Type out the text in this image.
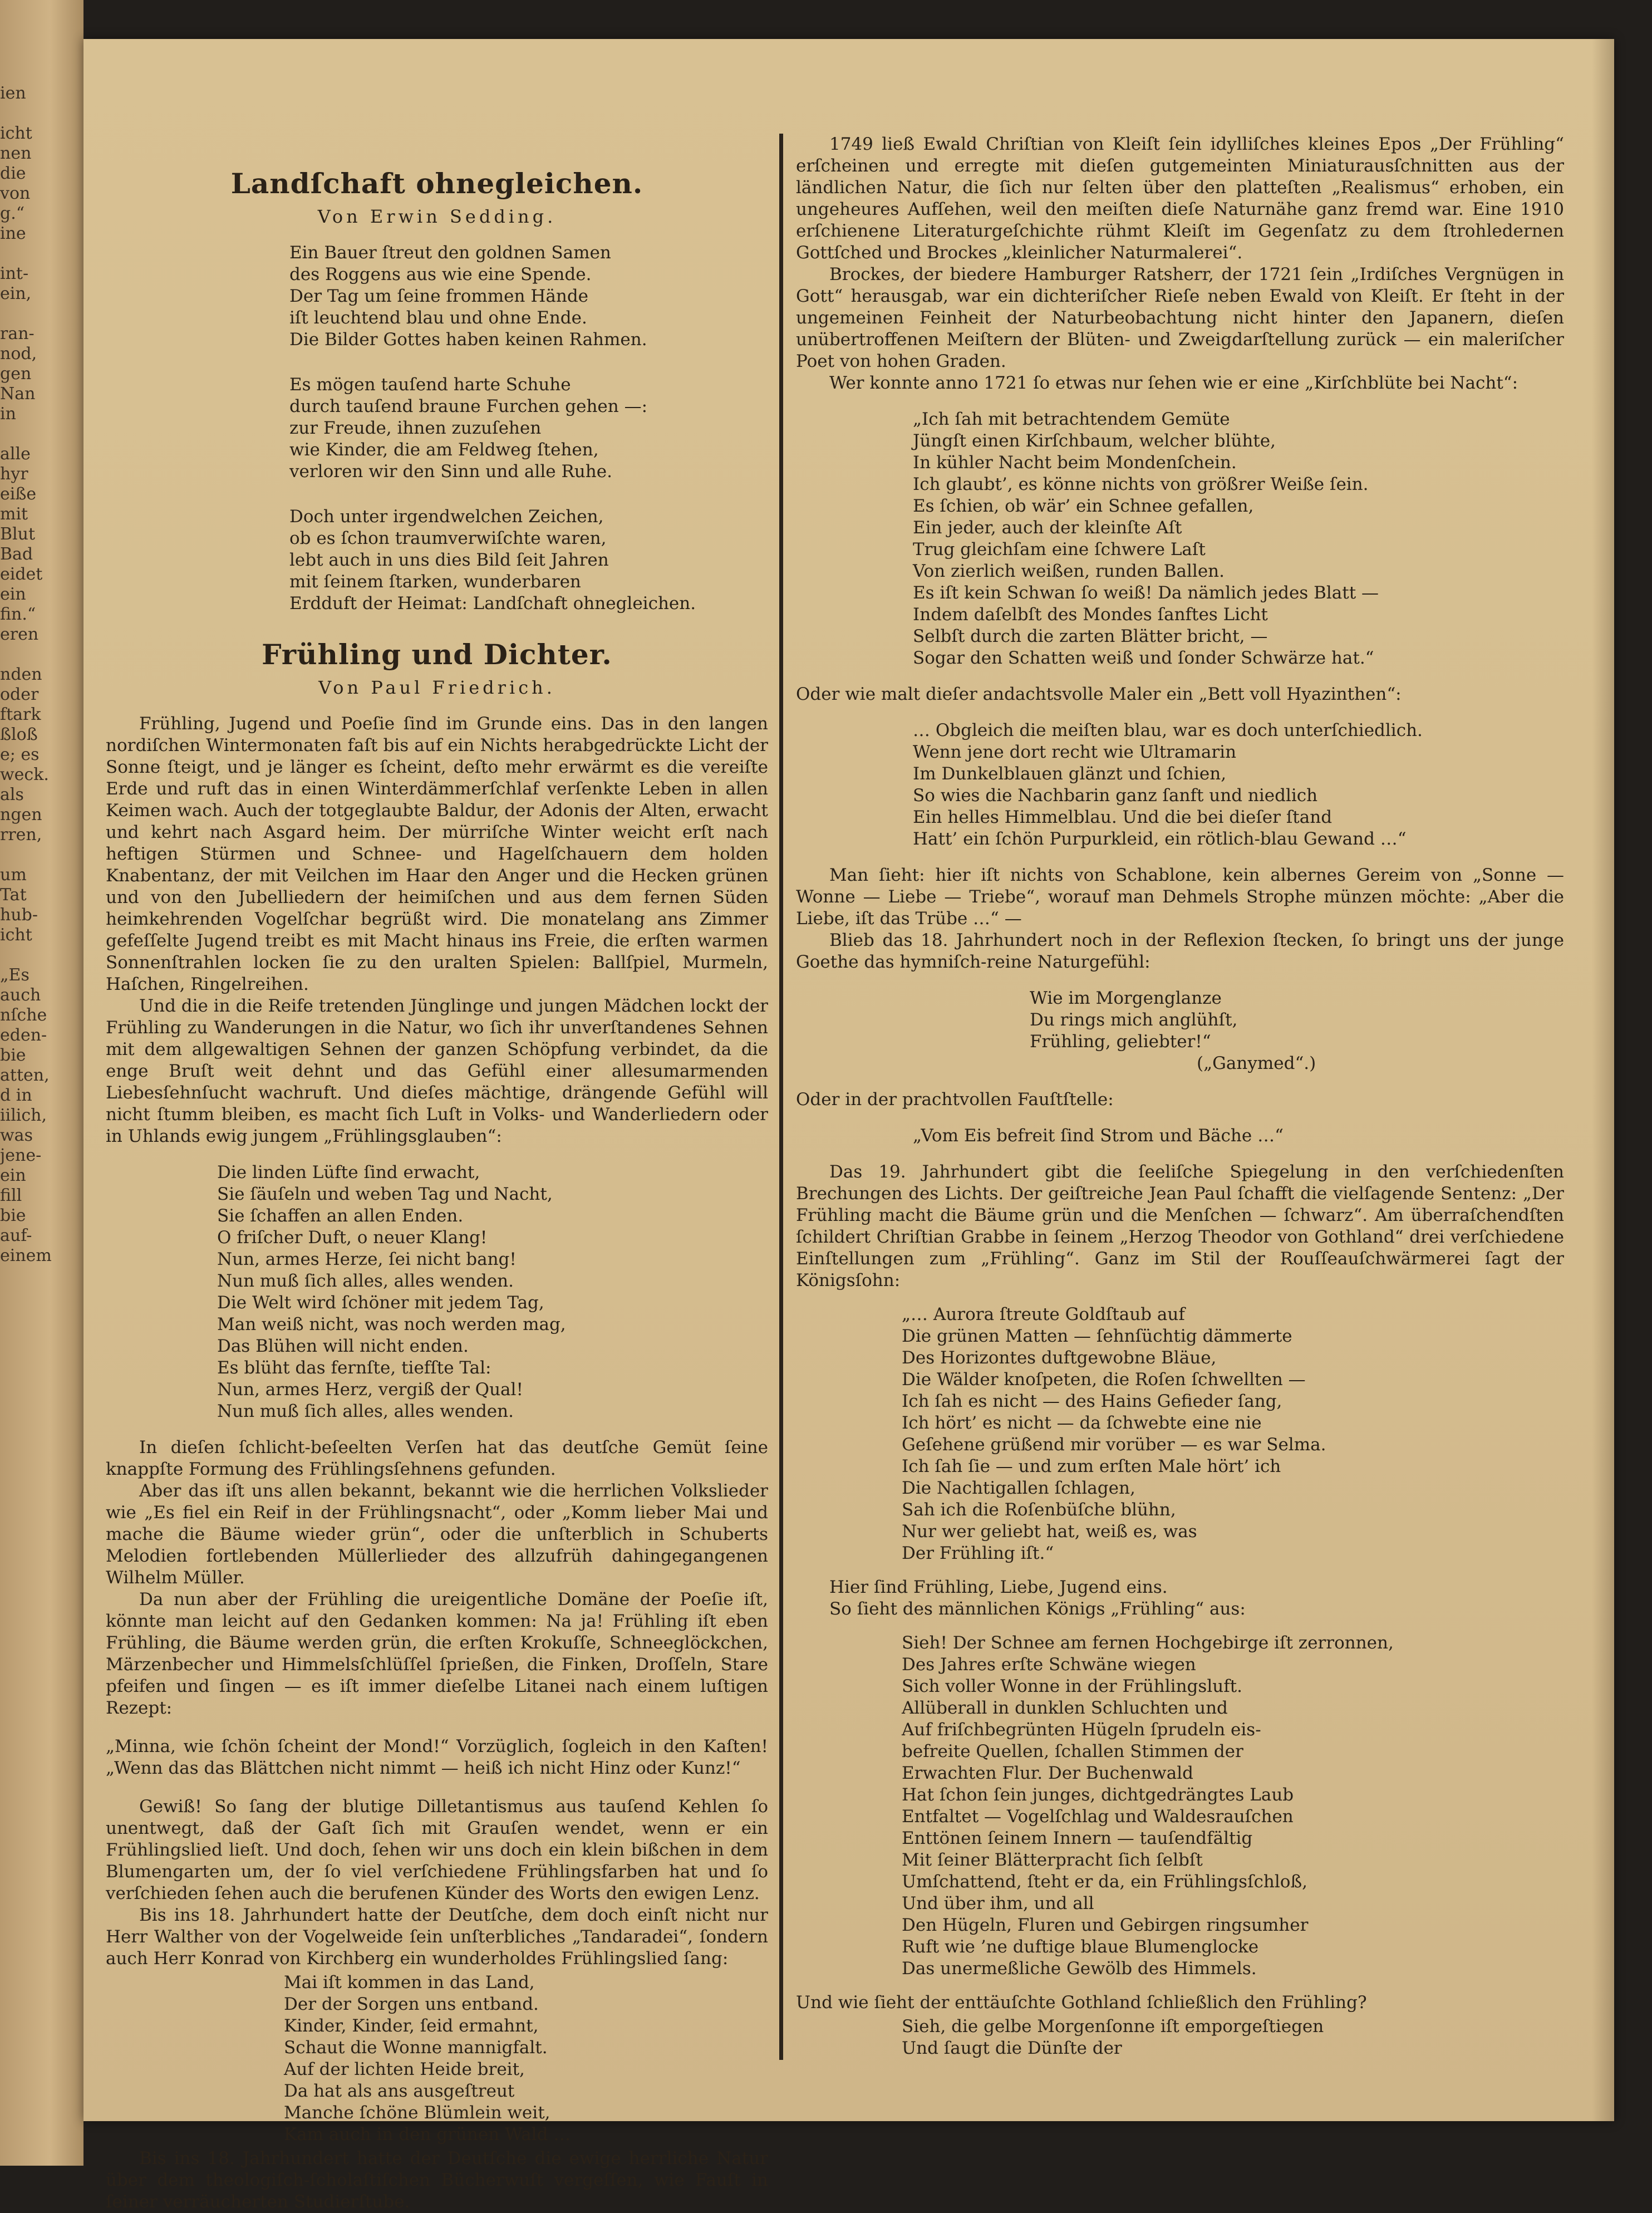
ien
icht
nen
die
von
g.“
ine
int-
ein,
ran-
nod,
gen
Nan
in
alle
hyr
eiße
mit
Blut
Bad
eidet
ein
fin.“
eren
nden
oder
ftark
ßloß
e; es
weck.
als
ngen
rren,
um
Tat
hub-
icht
„Es
auch
nſche
eden-
bie
atten,
d in
iilich,
was
jene-
ein
fill
bie
auf-
einem
Landſchaft ohnegleichen.
Von Erwin Sedding.
Ein Bauer ſtreut den goldnen Samen
des Roggens aus wie eine Spende.
Der Tag um ſeine frommen Hände
iſt leuchtend blau und ohne Ende.
Die Bilder Gottes haben keinen Rahmen.
Es mögen tauſend harte Schuhe
durch tauſend braune Furchen gehen —:
zur Freude, ihnen zuzuſehen
wie Kinder, die am Feldweg ſtehen,
verloren wir den Sinn und alle Ruhe.
Doch unter irgendwelchen Zeichen,
ob es ſchon traumverwiſchte waren,
lebt auch in uns dies Bild ſeit Jahren
mit ſeinem ſtarken, wunderbaren
Erdduft der Heimat: Landſchaft ohnegleichen.
Frühling und Dichter.
Von Paul Friedrich.

Frühling, Jugend und Poeſie ſind im Grunde eins. Das in den langen nordiſchen Wintermonaten faſt bis auf ein Nichts herabgedrückte Licht der Sonne ſteigt, und je länger es ſcheint, deſto mehr erwärmt es die vereiſte Erde und ruft das in einen Winterdämmerſchlaf verſenkte Leben in allen Keimen wach. Auch der totgeglaubte Baldur, der Adonis der Alten, erwacht und kehrt nach Asgard heim. Der mürriſche Winter weicht erſt nach heftigen Stürmen und Schnee- und Hagelſchauern dem holden Knabentanz, der mit Veilchen im Haar den Anger und die Hecken grünen und von den Jubelliedern der heimiſchen und aus dem fernen Süden heimkehrenden Vogelſchar begrüßt wird. Die monatelang ans Zimmer gefeſſelte Jugend treibt es mit Macht hinaus ins Freie, die erſten warmen Sonnenſtrahlen locken ſie zu den uralten Spielen: Ballſpiel, Murmeln, Haſchen, Ringelreihen.

Und die in die Reife tretenden Jünglinge und jungen Mädchen lockt der Frühling zu Wanderungen in die Natur, wo ſich ihr unverſtandenes Sehnen mit dem allgewaltigen Sehnen der ganzen Schöpfung verbindet, da die enge Bruſt weit dehnt und das Gefühl einer allesumarmenden Liebesſehnſucht wachruft. Und dieſes mächtige, drängende Gefühl will nicht ſtumm bleiben, es macht ſich Luſt in Volks- und Wanderliedern oder in Uhlands ewig jungem „Frühlingsglauben“:

Die linden Lüfte ſind erwacht,
Sie ſäuſeln und weben Tag und Nacht,
Sie ſchaffen an allen Enden.
O friſcher Duft, o neuer Klang!
Nun, armes Herze, ſei nicht bang!
Nun muß ſich alles, alles wenden.
Die Welt wird ſchöner mit jedem Tag,
Man weiß nicht, was noch werden mag,
Das Blühen will nicht enden.
Es blüht das fernſte, tiefſte Tal:
Nun, armes Herz, vergiß der Qual!
Nun muß ſich alles, alles wenden.

In dieſen ſchlicht-beſeelten Verſen hat das deutſche Gemüt ſeine knappſte Formung des Frühlingsſehnens gefunden.

Aber das iſt uns allen bekannt, bekannt wie die herrlichen Volkslieder wie „Es fiel ein Reif in der Frühlingsnacht“, oder „Komm lieber Mai und mache die Bäume wieder grün“, oder die unſterblich in Schuberts Melodien fortlebenden Müllerlieder des allzufrüh dahingegangenen Wilhelm Müller.

Da nun aber der Frühling die ureigentliche Domäne der Poeſie iſt, könnte man leicht auf den Gedanken kommen: Na ja! Frühling iſt eben Frühling, die Bäume werden grün, die erſten Krokuſſe, Schneeglöckchen, Märzenbecher und Himmelsſchlüſſel ſprießen, die Finken, Droſſeln, Stare pfeifen und ſingen — es iſt immer dieſelbe Litanei nach einem luſtigen Rezept:

„Minna, wie ſchön ſcheint der Mond!“ Vorzüglich, ſogleich in den Kaſten! „Wenn das das Blättchen nicht nimmt — heiß ich nicht Hinz oder Kunz!“

Gewiß! So ſang der blutige Dilletantismus aus tauſend Kehlen ſo unentwegt, daß der Gaſt ſich mit Grauſen wendet, wenn er ein Frühlingslied lieſt. Und doch, ſehen wir uns doch ein klein bißchen in dem Blumengarten um, der ſo viel verſchiedene Frühlingsfarben hat und ſo verſchieden ſehen auch die berufenen Künder des Worts den ewigen Lenz.

Bis ins 18. Jahrhundert hatte der Deutſche, dem doch einſt nicht nur Herr Walther von der Vogelweide ſein unſterbliches „Tandaradei“, ſondern auch Herr Konrad von Kirchberg ein wunderholdes Frühlingslied ſang:

Mai iſt kommen in das Land,
Der der Sorgen uns entband.
Kinder, Kinder, ſeid ermahnt,
Schaut die Wonne mannigfalt.
Auf der lichten Heide breit,
Da hat als ans ausgeſtreut
Manche ſchöne Blümlein weit,
Kam auch in den grünen Wald …

Bis ins 18. Jahrhundert hatte der Deutſche die ewige herrliche Natur über dem theologiſch-ſcholaſtiſchen Bücherwuſt vergeſſen, wie Fauſt in ſeiner verräucherten Studierſtube.

1749 ließ Ewald Chriſtian von Kleiſt ſein idylliſches kleines Epos „Der Frühling“ erſcheinen und erregte mit dieſen gutgemeinten Miniaturausſchnitten aus der ländlichen Natur, die ſich nur ſelten über den platteſten „Realismus“ erhoben, ein ungeheures Aufſehen, weil den meiſten dieſe Naturnähe ganz fremd war. Eine 1910 erſchienene Literaturgeſchichte rühmt Kleiſt im Gegenſatz zu dem ſtrohledernen Gottſched und Brockes „kleinlicher Naturmalerei“.

Brockes, der biedere Hamburger Ratsherr, der 1721 ſein „Irdiſches Vergnügen in Gott“ herausgab, war ein dichteriſcher Rieſe neben Ewald von Kleiſt. Er ſteht in der ungemeinen Feinheit der Naturbeobachtung nicht hinter den Japanern, dieſen unübertroffenen Meiſtern der Blüten- und Zweigdarſtellung zurück — ein maleriſcher Poet von hohen Graden.

Wer konnte anno 1721 ſo etwas nur ſehen wie er eine „Kirſchblüte bei Nacht“:

„Ich ſah mit betrachtendem Gemüte
Jüngſt einen Kirſchbaum, welcher blühte,
In kühler Nacht beim Mondenſchein.
Ich glaubt’, es könne nichts von größrer Weiße ſein.
Es ſchien, ob wär’ ein Schnee gefallen,
Ein jeder, auch der kleinſte Aſt
Trug gleichſam eine ſchwere Laſt
Von zierlich weißen, runden Ballen.
Es iſt kein Schwan ſo weiß! Da nämlich jedes Blatt —
Indem daſelbſt des Mondes ſanftes Licht
Selbſt durch die zarten Blätter bricht, —
Sogar den Schatten weiß und ſonder Schwärze hat.“

Oder wie malt dieſer andachtsvolle Maler ein „Bett voll Hyazinthen“:

… Obgleich die meiſten blau, war es doch unterſchiedlich.
Wenn jene dort recht wie Ultramarin
Im Dunkelblauen glänzt und ſchien,
So wies die Nachbarin ganz ſanft und niedlich
Ein helles Himmelblau. Und die bei dieſer ſtand
Hatt’ ein ſchön Purpurkleid, ein rötlich-blau Gewand …“

Man ſieht: hier iſt nichts von Schablone, kein albernes Gereim von „Sonne — Wonne — Liebe — Triebe“, worauf man Dehmels Strophe münzen möchte: „Aber die Liebe, iſt das Trübe …“ —

Blieb das 18. Jahrhundert noch in der Reflexion ſtecken, ſo bringt uns der junge Goethe das hymniſch-reine Naturgefühl:

Wie im Morgenglanze
Du rings mich anglühſt,
Frühling, geliebter!“
(„Ganymed“.)

Oder in der prachtvollen Fauſtſtelle:

„Vom Eis befreit ſind Strom und Bäche …“

Das 19. Jahrhundert gibt die ſeeliſche Spiegelung in den verſchiedenſten Brechungen des Lichts. Der geiſtreiche Jean Paul ſchafft die vielſagende Sentenz: „Der Frühling macht die Bäume grün und die Menſchen — ſchwarz“. Am überraſchendſten ſchildert Chriſtian Grabbe in ſeinem „Herzog Theodor von Gothland“ drei verſchiedene Einſtellungen zum „Frühling“. Ganz im Stil der Rouſſeauſchwärmerei ſagt der Königsſohn:

„… Aurora ſtreute Goldſtaub auf
Die grünen Matten — ſehnſüchtig dämmerte
Des Horizontes duftgewobne Bläue,
Die Wälder knoſpeten, die Roſen ſchwellten —
Ich ſah es nicht — des Hains Gefieder ſang,
Ich hört’ es nicht — da ſchwebte eine nie
Geſehene grüßend mir vorüber — es war Selma.
Ich ſah ſie — und zum erſten Male hört’ ich
Die Nachtigallen ſchlagen,
Sah ich die Roſenbüſche blühn,
Nur wer geliebt hat, weiß es, was
Der Frühling iſt.“

Hier ſind Frühling, Liebe, Jugend eins.

So ſieht des männlichen Königs „Frühling“ aus:

Sieh! Der Schnee am fernen Hochgebirge iſt zerronnen,
Des Jahres erſte Schwäne wiegen
Sich voller Wonne in der Frühlingsluft.
Allüberall in dunklen Schluchten und
Auf friſchbegrünten Hügeln ſprudeln eis-
befreite Quellen, ſchallen Stimmen der
Erwachten Flur. Der Buchenwald
Hat ſchon ſein junges, dichtgedrängtes Laub
Entfaltet — Vogelſchlag und Waldesrauſchen
Enttönen ſeinem Innern — tauſendfältig
Mit ſeiner Blätterpracht ſich ſelbſt
Umſchattend, ſteht er da, ein Frühlingsſchloß,
Und über ihm, und all
Den Hügeln, Fluren und Gebirgen ringsumher
Ruft wie ’ne duftige blaue Blumenglocke
Das unermeßliche Gewölb des Himmels.

Und wie ſieht der enttäuſchte Gothland ſchließlich den Frühling?

Sieh, die gelbe Morgenſonne iſt emporgeſtiegen
Und ſaugt die Dünſte der
